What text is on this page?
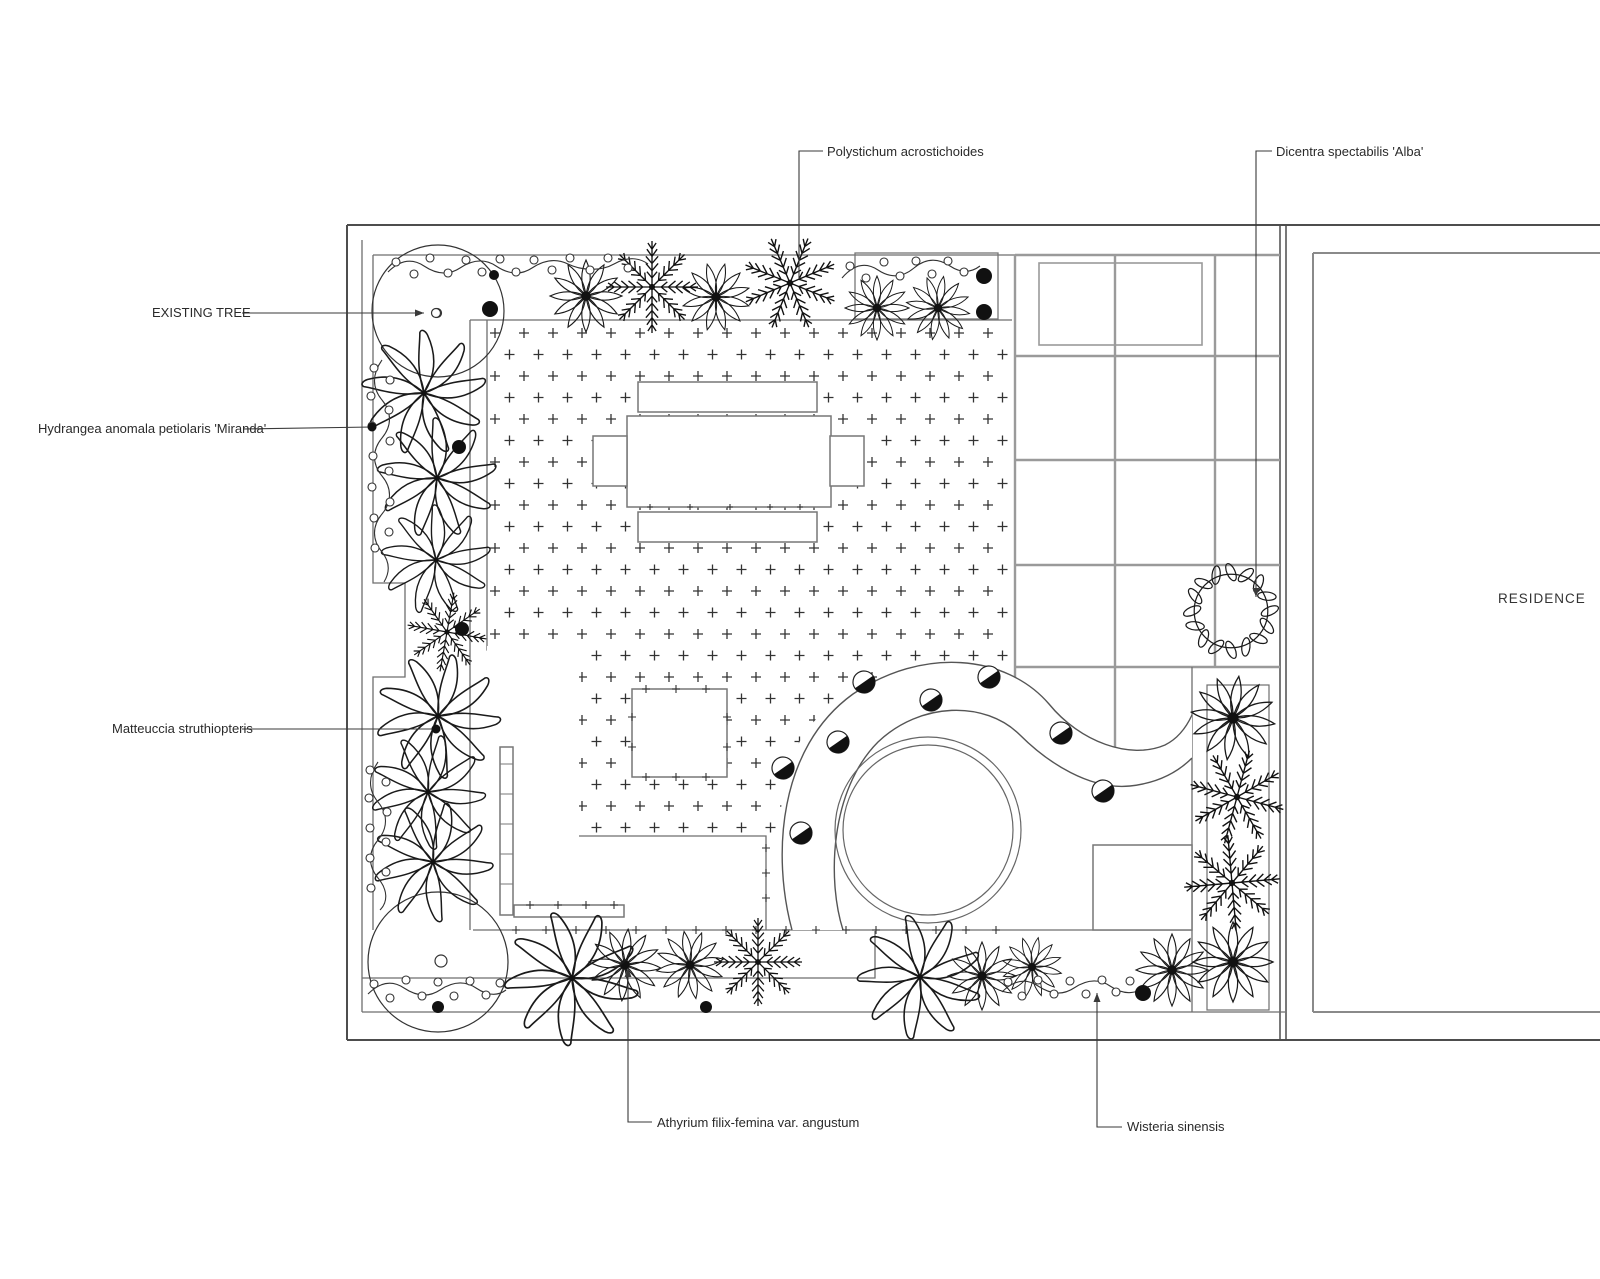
RESIDENCE
EXISTING TREE
Hydrangea anomala petiolaris 'Miranda'
Matteuccia struthiopteris
Polystichum acrostichoides	Dicentra spectabilis 'Alba'
Athyrium filix-femina var. angustum	Wisteria sinensis
